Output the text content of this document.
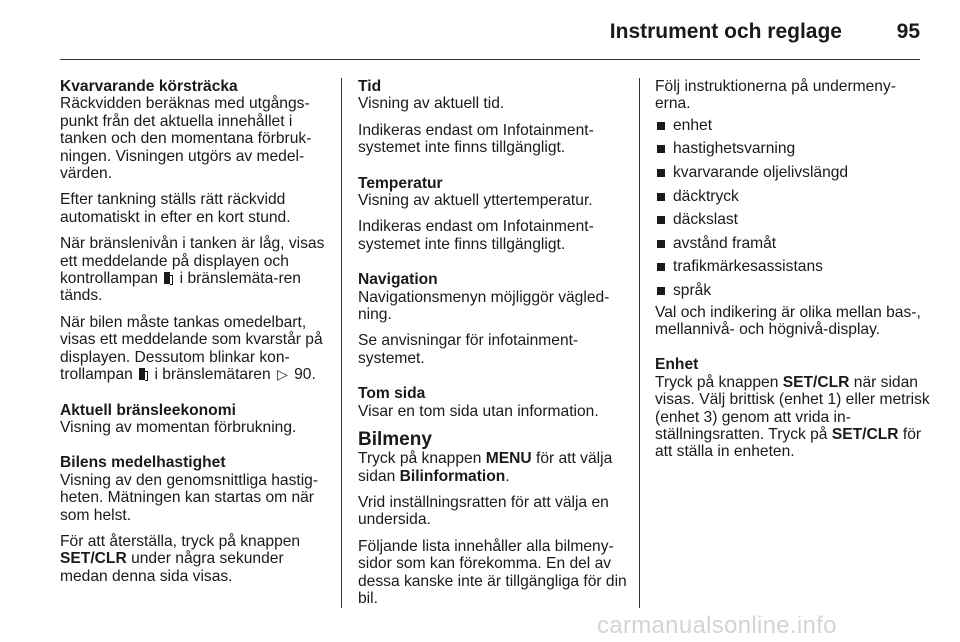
Instrument och reglage	95
Kvarvarande körsträcka
Räckvidden beräknas med utgångs-punkt från det aktuella innehållet i tanken och den momentana förbruk-ningen. Visningen utgörs av medel-värden.
Efter tankning ställs rätt räckvidd automatiskt in efter en kort stund.
När bränslenivån i tanken är låg, visas ett meddelande på displayen och kontrollampan i bränslemäta-ren tänds.
När bilen måste tankas omedelbart, visas ett meddelande som kvarstår på displayen. Dessutom blinkar kon-trollampan i bränslemätaren ▷ 90.
Aktuell bränsleekonomi
Visning av momentan förbrukning.
Bilens medelhastighet
Visning av den genomsnittliga hastig-heten. Mätningen kan startas om när som helst.
För att återställa, tryck på knappen SET/CLR under några sekunder medan denna sida visas.
Tid
Visning av aktuell tid.
Indikeras endast om Infotainment-systemet inte finns tillgängligt.
Temperatur
Visning av aktuell yttertemperatur.
Indikeras endast om Infotainment-systemet inte finns tillgängligt.
Navigation
Navigationsmenyn möjliggör vägled-ning.
Se anvisningar för infotainment-systemet.
Tom sida
Visar en tom sida utan information.
Bilmeny
Tryck på knappen MENU för att välja sidan Bilinformation.
Vrid inställningsratten för att välja en undersida.
Följande lista innehåller alla bilmeny-sidor som kan förekomma. En del av dessa kanske inte är tillgängliga för din bil.
Följ instruktionerna på undermeny-erna.
enhet
hastighetsvarning
kvarvarande oljelivslängd
däcktryck
däckslast
avstånd framåt
trafikmärkesassistans
språk
Val och indikering är olika mellan bas-, mellannivå- och högnivå-display.
Enhet
Tryck på knappen SET/CLR när sidan visas. Välj brittisk (enhet 1) eller metrisk (enhet 3) genom att vrida in-ställningsratten. Tryck på SET/CLR för att ställa in enheten.
carmanualsonline.info
